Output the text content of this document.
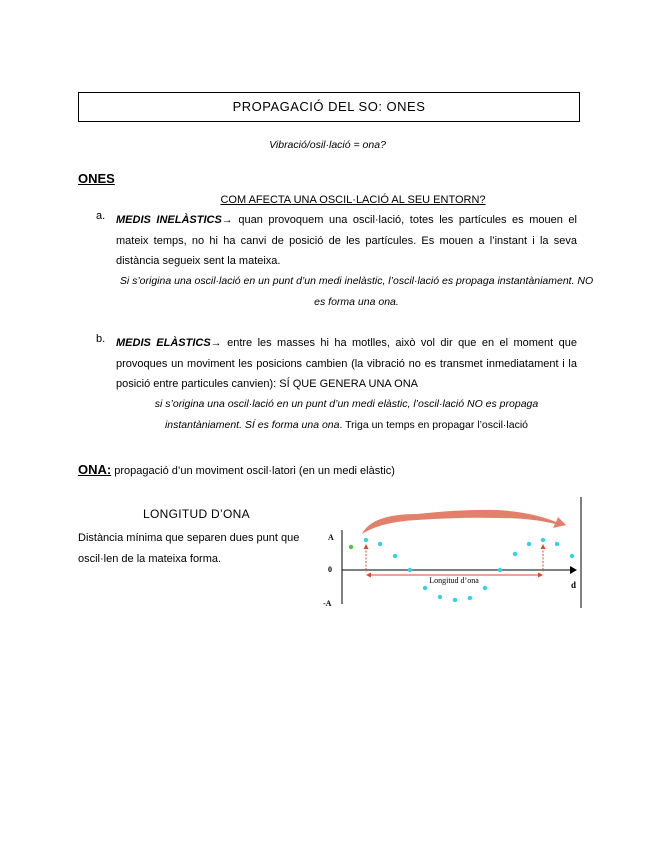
PROPAGACIÓ DEL SO: ONES
Vibració/osil·lació = ona?
ONES
COM AFECTA UNA OSCIL·LACIÓ AL SEU ENTORN?
a. MEDIS INELÀSTICS→ quan provoquem una oscil·lació, totes les partícules es mouen el mateix temps, no hi ha canvi de posició de les partícules. Es mouen a l’instant i la seva distància segueix sent la mateixa.
Si s’origina una oscil·lació en un punt d’un medi inelàstic, l’oscil·lació es propaga instantàniament. NO es forma una ona.
b. MEDIS ELÀSTICS→ entre les masses hi ha motlles, això vol dir que en el moment que provoques un moviment les posicions cambien (la vibració no es transmet inmediatament i la posició entre particules canvien): SÍ QUE GENERA UNA ONA
si s’origina una oscil·lació en un punt d’un medi elàstic, l’oscil·lació NO es propaga instantàniament. SÍ es forma una ona. Triga un temps en propagar l’oscil·lació
ONA: propagació d’un moviment oscil·latori (en un medi elàstic)
LONGITUD D’ONA
Distància mínima que separen dues punt que oscil·len de la mateixa forma.
A
0
-A
d
Longitud d’ona
